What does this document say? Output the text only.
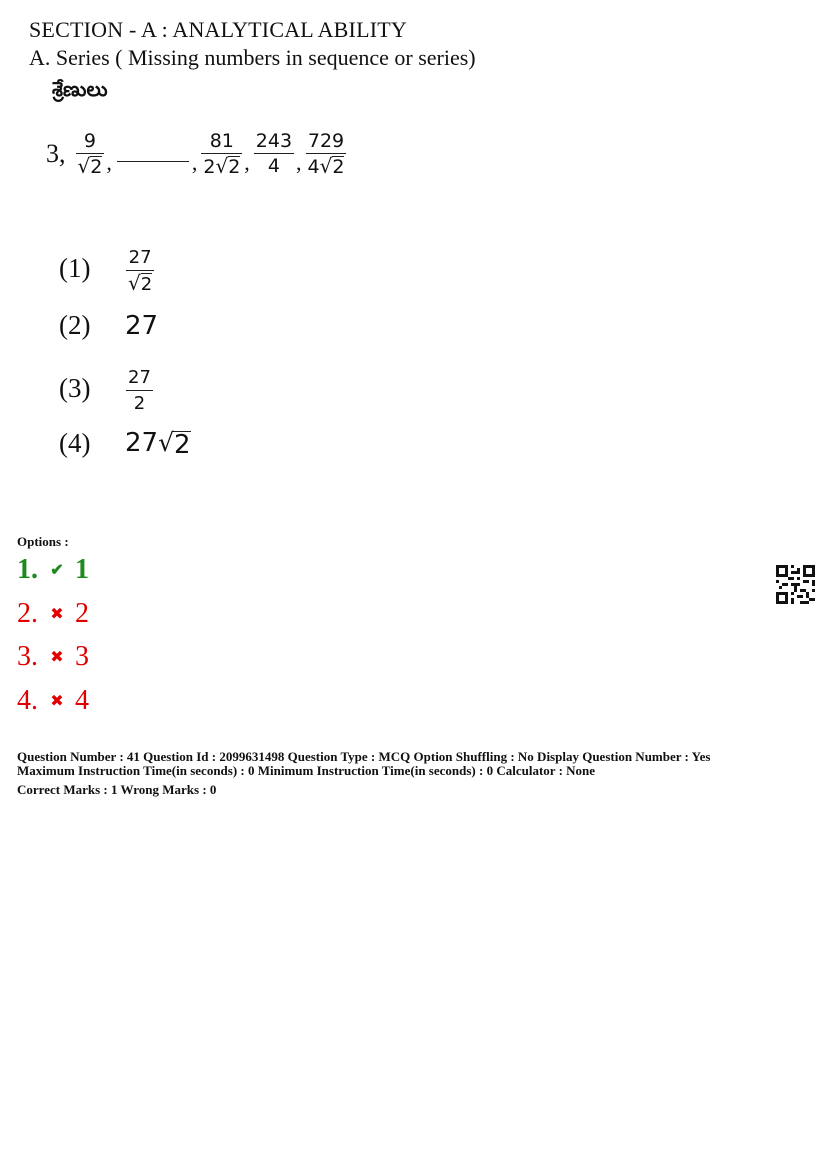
SECTION - A : ANALYTICAL ABILITY
A. Series ( Missing numbers in sequence or series)
శ్రేణులు
3, $\frac{9}{√ 2}$ ,	, $\frac{81}{2 √ 2}$ , $\frac{243}{4}$ , $\frac{729}{4 √ 2}$
(1)	$\frac{27}{√ 2}$
(2)	27
(3)	$\frac{27}{2}$
(4)	27 √ 2
Options :
1. ✔ 1
2. ✖ 2
3. ✖ 3
4. ✖ 4
Question Number : 41 Question Id : 2099631498 Question Type : MCQ Option Shuffling : No Display Question Number : Yes
Maximum Instruction Time(in seconds) : 0 Minimum Instruction Time(in seconds) : 0 Calculator : None
Correct Marks : 1 Wrong Marks : 0
